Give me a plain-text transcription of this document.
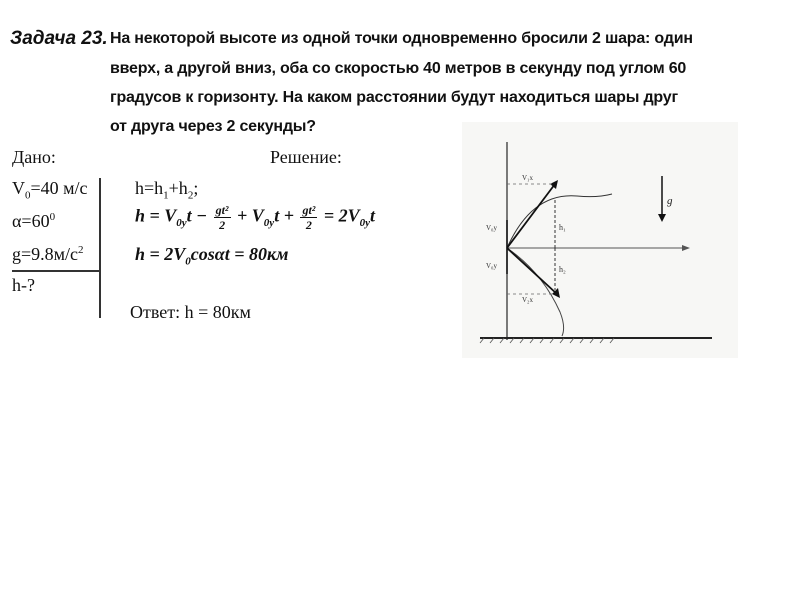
Задача 23. На некоторой высоте из одной точки одновременно бросили 2 шара: один
вверх, а другой вниз, оба со скоростью 40 метров в секунду под углом 60
градусов к горизонту. На каком расстоянии будут находиться шары друг
от друга через 2 секунды?
Дано:
$V_0=40$ м/с
$\alpha=60^0$
$g=9.8м/с^2$
h-?
Решение:
$h=h_1+h_2$;
$h = V_{0y}t - \frac{\text{gt²}}{2} + V_{0y}t + \frac{\text{gt²}}{2} = 2V_{0y}t$
$h = 2V_0\cos\alpha t = 80км$
Ответ: h = 80км
g
h₁
h₂
V₀y
V₀y
V₁x
V₂x
